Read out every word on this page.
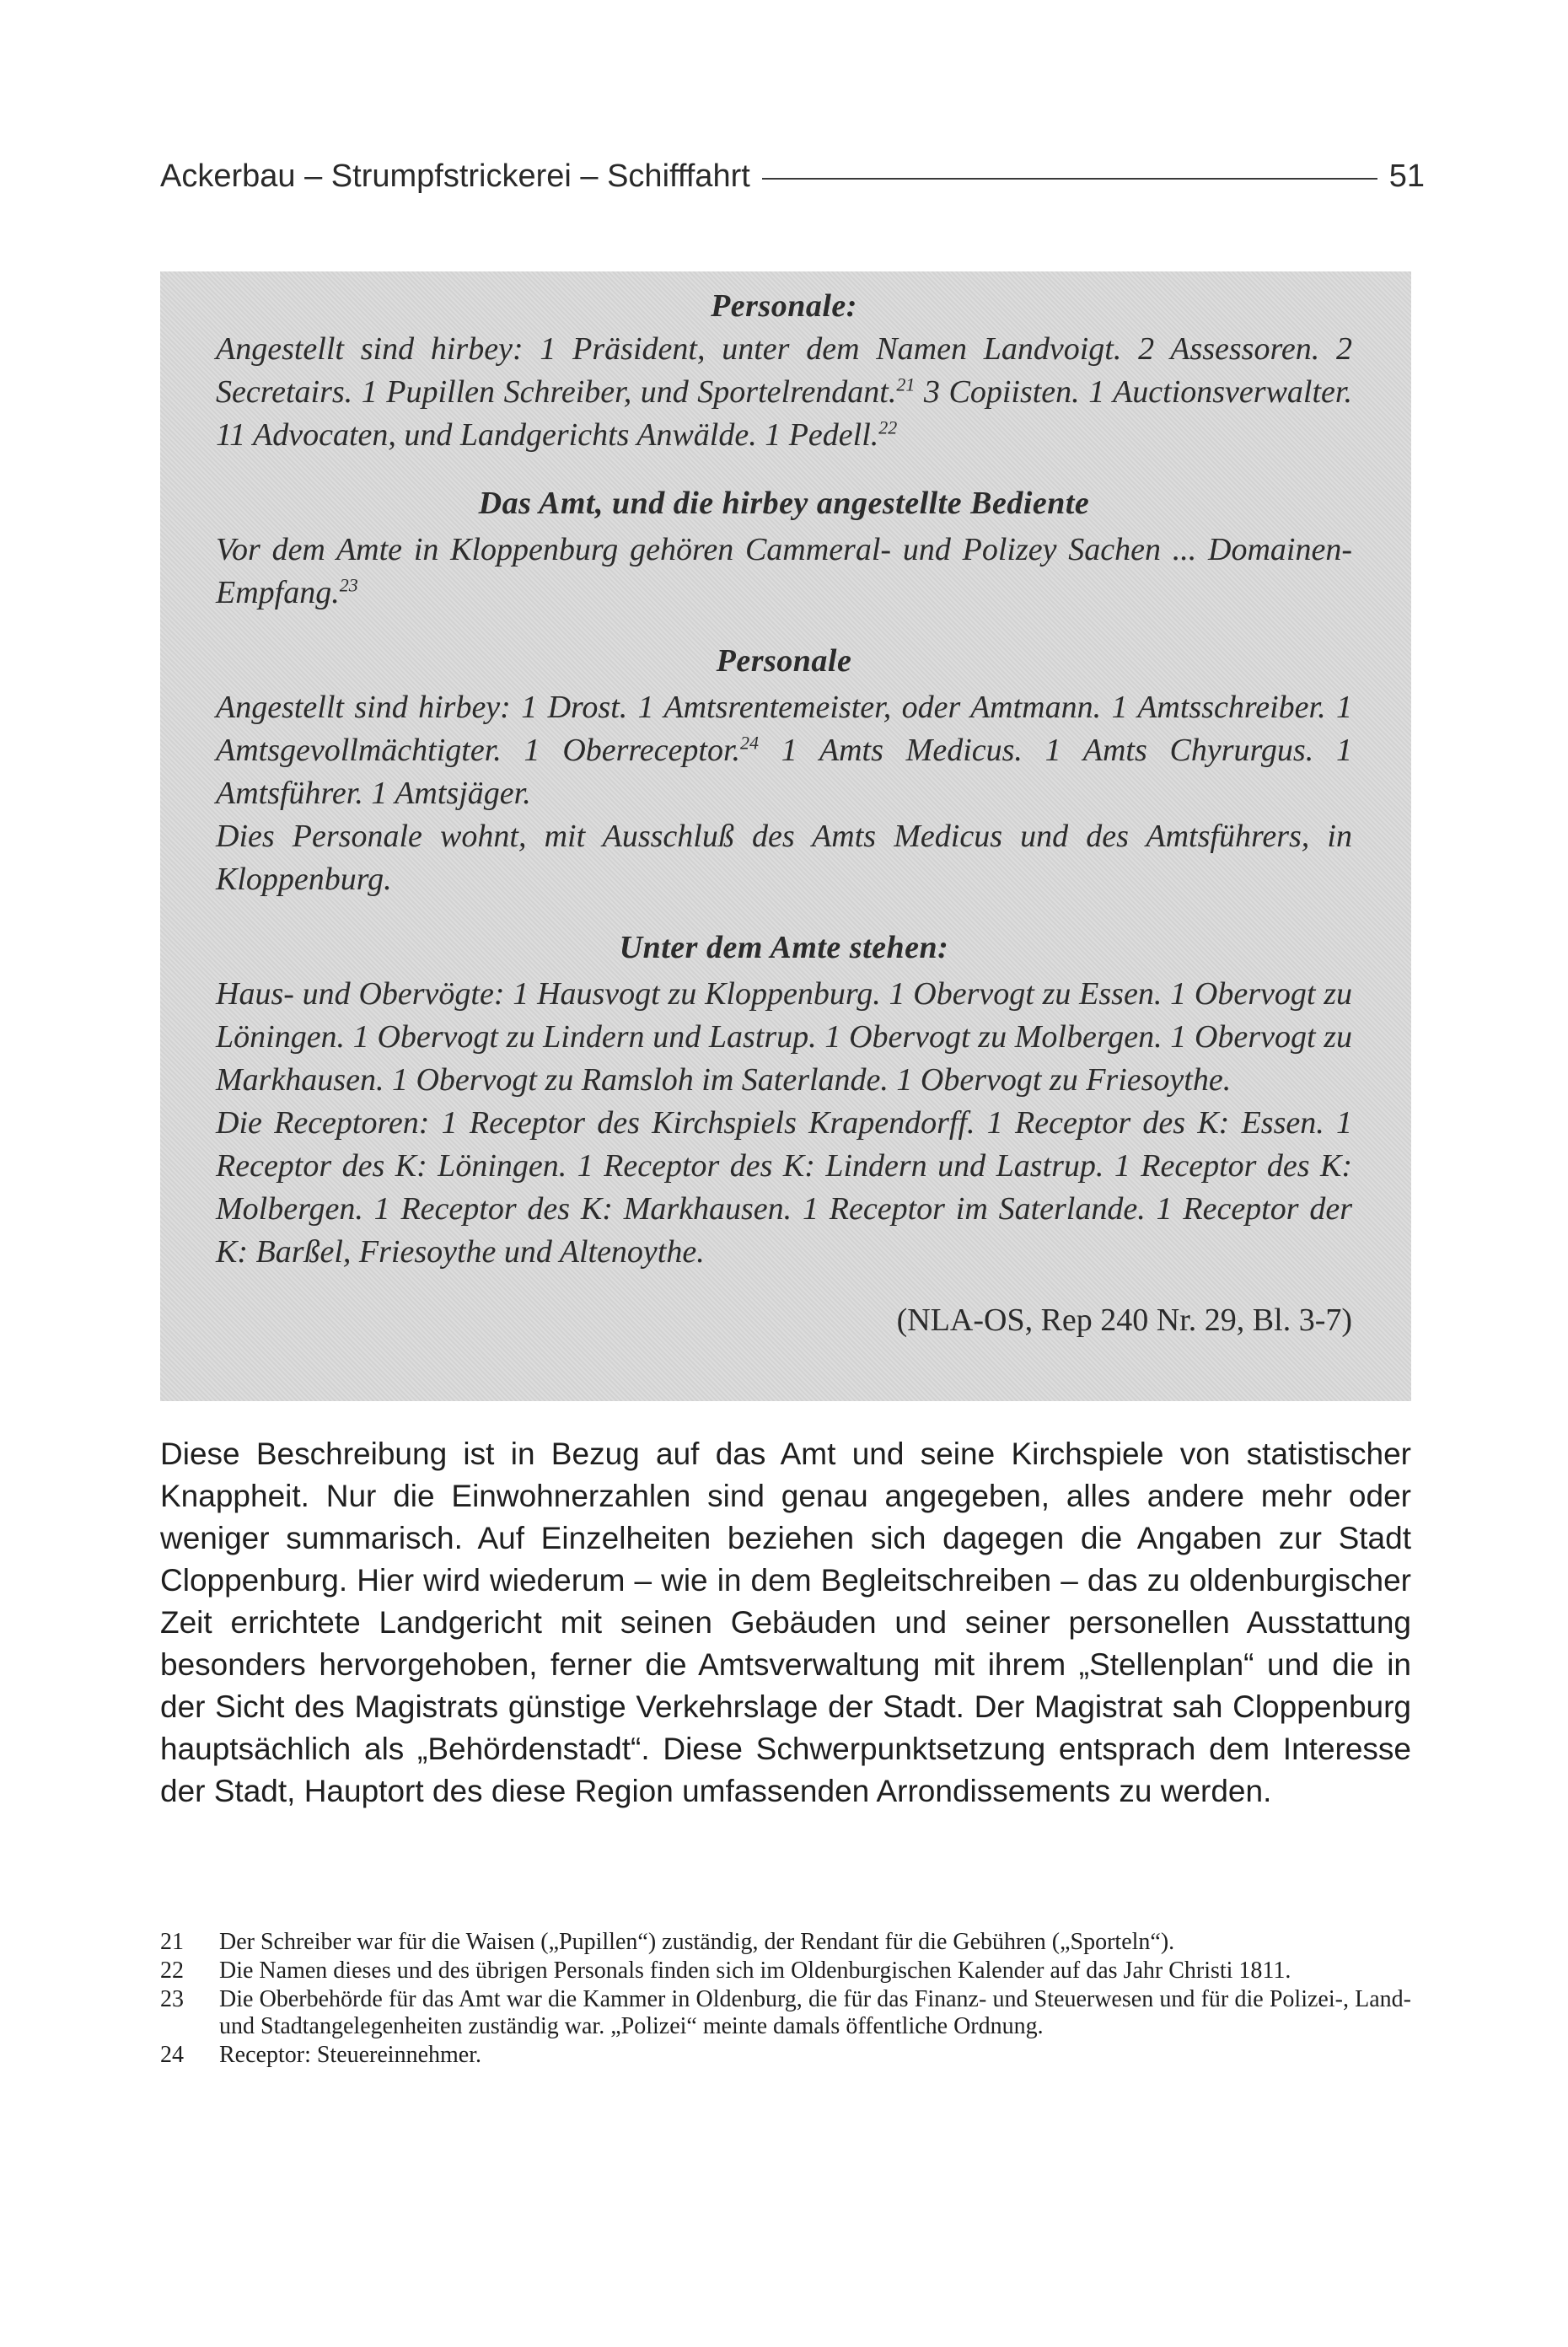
Ackerbau – Strumpfstrickerei – Schifffahrt	51
Personale:

Angestellt sind hirbey: 1 Präsident, unter dem Namen Landvoigt. 2 Assessoren. 2 Secretairs. 1 Pupillen Schreiber, und Sportelrendant.$^{21}$ 3 Copiisten. 1 Auctionsverwalter. 11 Advocaten, und Landgerichts Anwälde. 1 Pedell.$^{22}$

Das Amt, und die hirbey angestellte Bediente

Vor dem Amte in Kloppenburg gehören Cammeral- und Polizey Sachen ... Domainen-Empfang.$^{23}$

Personale

Angestellt sind hirbey: 1 Drost. 1 Amtsrentemeister, oder Amtmann. 1 Amtsschreiber. 1 Amtsgevollmächtigter. 1 Oberreceptor.$^{24}$ 1 Amts Medicus. 1 Amts Chyrurgus. 1 Amtsführer. 1 Amtsjäger.

Dies Personale wohnt, mit Ausschluß des Amts Medicus und des Amtsführers, in Kloppenburg.

Unter dem Amte stehen:

Haus- und Obervögte: 1 Hausvogt zu Kloppenburg. 1 Obervogt zu Essen. 1 Obervogt zu Löningen. 1 Obervogt zu Lindern und Lastrup. 1 Obervogt zu Molbergen. 1 Obervogt zu Markhausen. 1 Obervogt zu Ramsloh im Saterlande. 1 Obervogt zu Friesoythe.

Die Receptoren: 1 Receptor des Kirchspiels Krapendorff. 1 Receptor des K: Essen. 1 Receptor des K: Löningen. 1 Receptor des K: Lindern und Lastrup. 1 Receptor des K: Molbergen. 1 Receptor des K: Markhausen. 1 Receptor im Saterlande. 1 Receptor der K: Barßel, Friesoythe und Altenoythe.

(NLA-OS, Rep 240 Nr. 29, Bl. 3-7)

Diese Beschreibung ist in Bezug auf das Amt und seine Kirchspiele von statistischer Knappheit. Nur die Einwohnerzahlen sind genau angegeben, alles andere mehr oder weniger summarisch. Auf Einzelheiten beziehen sich dagegen die Angaben zur Stadt Cloppenburg. Hier wird wiederum – wie in dem Begleitschreiben – das zu oldenburgischer Zeit errichtete Landgericht mit seinen Gebäuden und seiner personellen Ausstattung besonders hervorgehoben, ferner die Amtsverwaltung mit ihrem „Stellenplan“ und die in der Sicht des Magistrats günstige Verkehrslage der Stadt. Der Magistrat sah Cloppenburg hauptsächlich als „Behördenstadt“. Diese Schwerpunktsetzung entsprach dem Interesse der Stadt, Hauptort des diese Region umfassenden Arrondissements zu werden.

21	Der Schreiber war für die Waisen („Pupillen“) zuständig, der Rendant für die Gebühren („Sporteln“).
22	Die Namen dieses und des übrigen Personals finden sich im Oldenburgischen Kalender auf das Jahr Christi 1811.
23	Die Oberbehörde für das Amt war die Kammer in Oldenburg, die für das Finanz- und Steuerwesen und für die Polizei-, Land- und Stadtangelegenheiten zuständig war. „Polizei“ meinte damals öffentliche Ordnung.
24	Receptor: Steuereinnehmer.
